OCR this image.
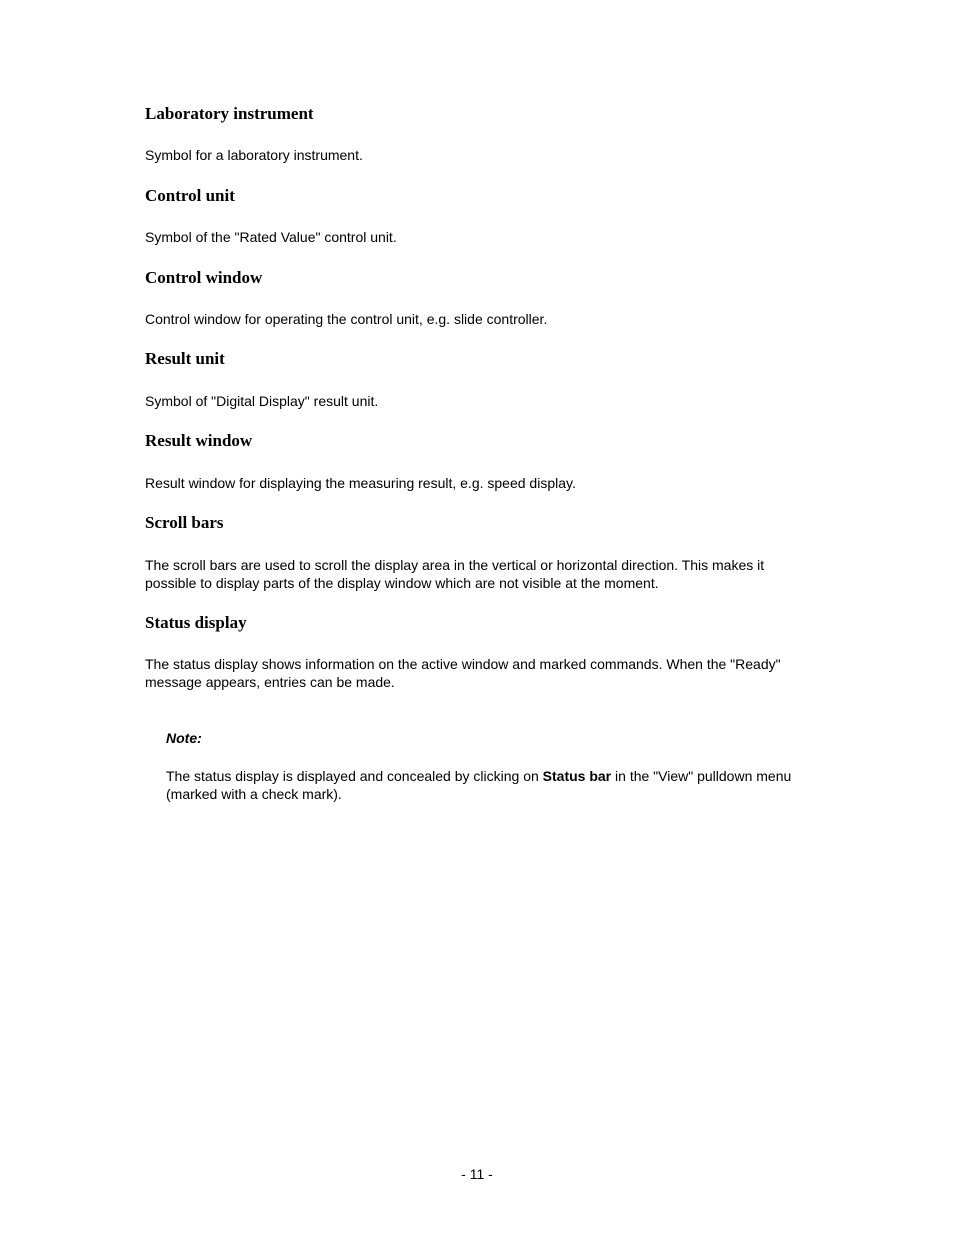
Laboratory instrument

Symbol for a laboratory instrument.

Control unit

Symbol of the "Rated Value" control unit.

Control window

Control window for operating the control unit, e.g. slide controller.

Result unit

Symbol of "Digital Display" result unit.

Result window

Result window for displaying the measuring result, e.g. speed display.

Scroll bars

The scroll bars are used to scroll the display area in the vertical or horizontal direction. This makes it possible to display parts of the display window which are not visible at the moment.

Status display

The status display shows information on the active window and marked commands. When the "Ready" message appears, entries can be made.

Note:

The status display is displayed and concealed by clicking on Status bar in the "View" pulldown menu (marked with a check mark).
- 11 -
